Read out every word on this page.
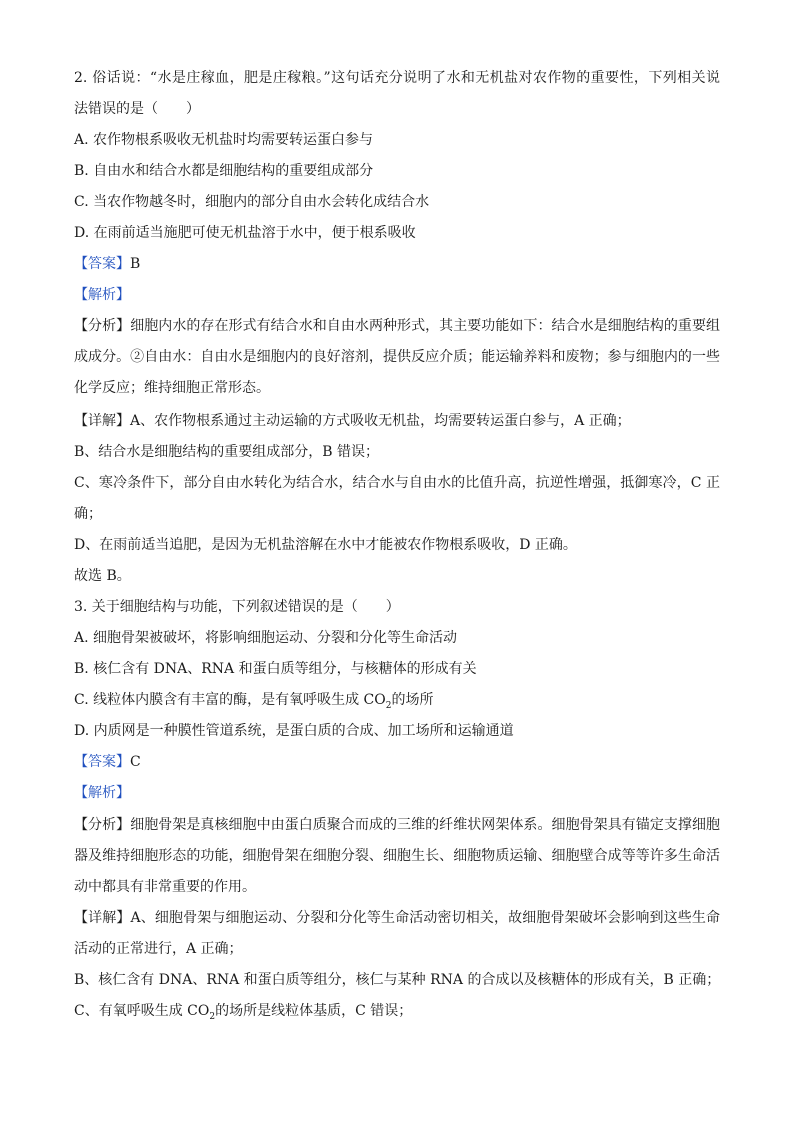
2. 俗话说：“水是庄稼血，肥是庄稼粮。”这句话充分说明了水和无机盐对农作物的重要性，下列相关说
法错误的是（　　）
A. 农作物根系吸收无机盐时均需要转运蛋白参与
B. 自由水和结合水都是细胞结构的重要组成部分
C. 当农作物越冬时，细胞内的部分自由水会转化成结合水
D. 在雨前适当施肥可使无机盐溶于水中，便于根系吸收
【答案】B
【解析】
【分析】细胞内水的存在形式有结合水和自由水两种形式，其主要功能如下：结合水是细胞结构的重要组
成成分。②自由水：自由水是细胞内的良好溶剂，提供反应介质；能运输养料和废物；参与细胞内的一些
化学反应；维持细胞正常形态。
【详解】A、农作物根系通过主动运输的方式吸收无机盐，均需要转运蛋白参与，A 正确；
B、结合水是细胞结构的重要组成部分，B 错误；
C、寒冷条件下，部分自由水转化为结合水，结合水与自由水的比值升高，抗逆性增强，抵御寒冷，C 正
确；
D、在雨前适当追肥，是因为无机盐溶解在水中才能被农作物根系吸收，D 正确。
故选 B。
3. 关于细胞结构与功能，下列叙述错误的是（　　）
A. 细胞骨架被破坏，将影响细胞运动、分裂和分化等生命活动
B. 核仁含有 DNA、RNA 和蛋白质等组分，与核糖体的形成有关
C. 线粒体内膜含有丰富的酶，是有氧呼吸生成 $CO_2$的场所
D. 内质网是一种膜性管道系统，是蛋白质的合成、加工场所和运输通道
【答案】C
【解析】
【分析】细胞骨架是真核细胞中由蛋白质聚合而成的三维的纤维状网架体系。细胞骨架具有锚定支撑细胞
器及维持细胞形态的功能，细胞骨架在细胞分裂、细胞生长、细胞物质运输、细胞壁合成等等许多生命活
动中都具有非常重要的作用。
【详解】A、细胞骨架与细胞运动、分裂和分化等生命活动密切相关，故细胞骨架破坏会影响到这些生命
活动的正常进行，A 正确；
B、核仁含有 DNA、RNA 和蛋白质等组分，核仁与某种 RNA 的合成以及核糖体的形成有关，B 正确；
C、有氧呼吸生成 $CO_2$的场所是线粒体基质，C 错误；
